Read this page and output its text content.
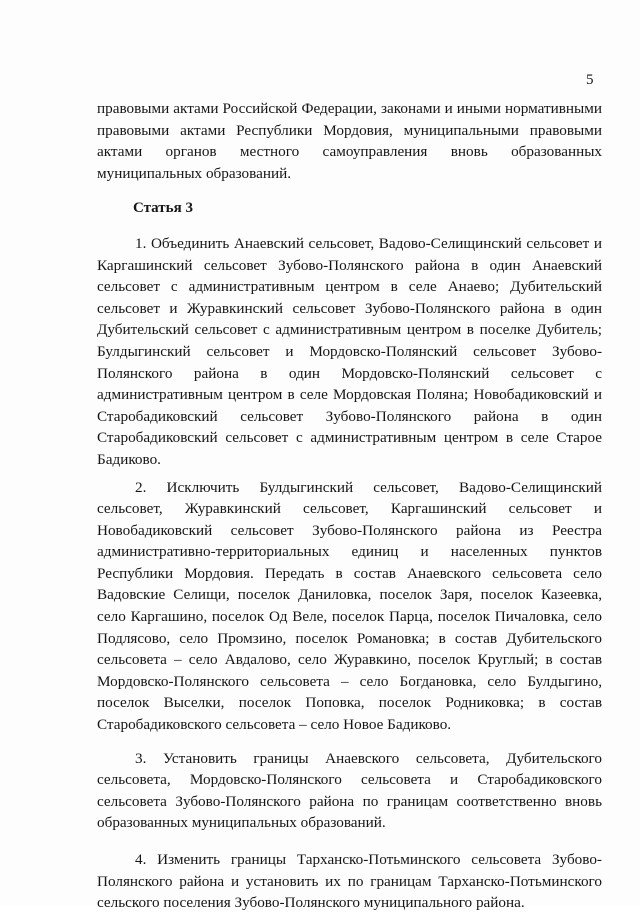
5

правовыми актами Российской Федерации, законами и иными нормативными правовыми актами Республики Мордовия, муниципальными правовыми актами органов местного самоуправления вновь образованных муниципальных образований.

Статья 3

1. Объединить Анаевский сельсовет, Вадово-Селищинский сельсовет и Каргашинский сельсовет Зубово-Полянского района в один Анаевский сельсовет с административным центром в селе Анаево; Дубительский сельсовет и Журавкинский сельсовет Зубово-Полянского района в один Дубительский сельсовет с административным центром в поселке Дубитель; Булдыгинский сельсовет и Мордовско-Полянский сельсовет Зубово-Полянского района в один Мордовско-Полянский сельсовет с административным центром в селе Мордовская Поляна; Новобадиковский и Старобадиковский сельсовет Зубово-Полянского района в один Старобадиковский сельсовет с административным центром в селе Старое Бадиково.

2. Исключить Булдыгинский сельсовет, Вадово-Селищинский сельсовет, Журавкинский сельсовет, Каргашинский сельсовет и Новобадиковский сельсовет Зубово-Полянского района из Реестра административно-территориальных единиц и населенных пунктов Республики Мордовия. Передать в состав Анаевского сельсовета село Вадовские Селищи, поселок Даниловка, поселок Заря, поселок Казеевка, село Каргашино, поселок Од Веле, поселок Парца, поселок Пичаловка, село Подлясово, село Промзино, поселок Романовка; в состав Дубительского сельсовета – село Авдалово, село Журавкино, поселок Круглый; в состав Мордовско-Полянского сельсовета – село Богдановка, село Булдыгино, поселок Выселки, поселок Поповка, поселок Родниковка; в состав Старобадиковского сельсовета – село Новое Бадиково.

3. Установить границы Анаевского сельсовета, Дубительского сельсовета, Мордовско-Полянского сельсовета и Старобадиковского сельсовета Зубово-Полянского района по границам соответственно вновь образованных муниципальных образований.

4. Изменить границы Тарханско-Потьминского сельсовета Зубово-Полянского района и установить их по границам Тарханско-Потьминского сельского поселения Зубово-Полянского муниципального района.
